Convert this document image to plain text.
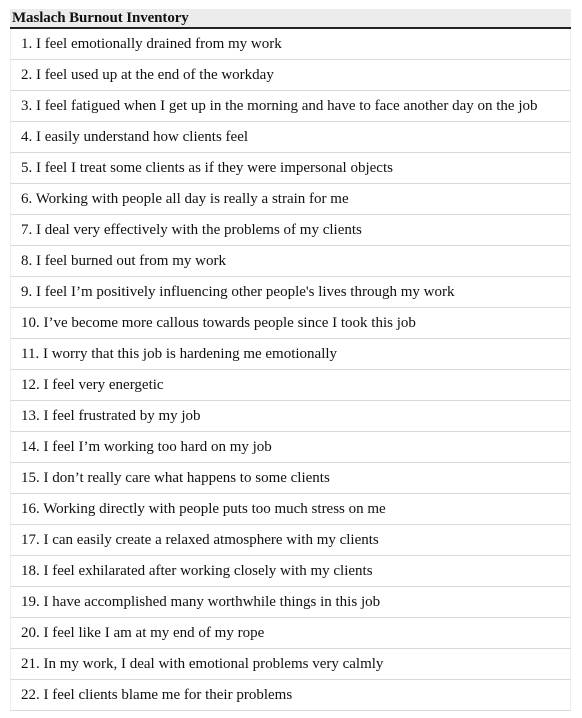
Maslach Burnout Inventory
1. I feel emotionally drained from my work
2. I feel used up at the end of the workday
3. I feel fatigued when I get up in the morning and have to face another day on the job
4. I easily understand how clients feel
5. I feel I treat some clients as if they were impersonal objects
6. Working with people all day is really a strain for me
7. I deal very effectively with the problems of my clients
8. I feel burned out from my work
9. I feel I’m positively influencing other people's lives through my work
10. I’ve become more callous towards people since I took this job
11. I worry that this job is hardening me emotionally
12. I feel very energetic
13. I feel frustrated by my job
14. I feel I’m working too hard on my job
15. I don’t really care what happens to some clients
16. Working directly with people puts too much stress on me
17. I can easily create a relaxed atmosphere with my clients
18. I feel exhilarated after working closely with my clients
19. I have accomplished many worthwhile things in this job
20. I feel like I am at my end of my rope
21. In my work, I deal with emotional problems very calmly
22. I feel clients blame me for their problems
